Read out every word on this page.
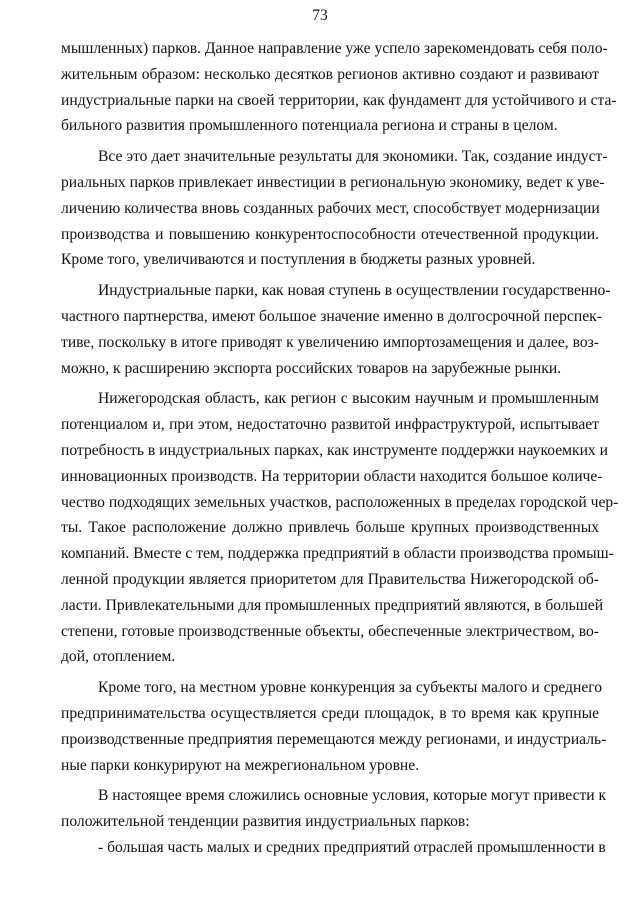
73

мышленных) парков. Данное направление уже успело зарекомендовать себя поло-
жительным образом: несколько десятков регионов активно создают и развивают
индустриальные парки на своей территории, как фундамент для устойчивого и ста-
бильного развития промышленного потенциала региона и страны в целом.

Все это дает значительные результаты для экономики. Так, создание индуст-
риальных парков привлекает инвестиции в региональную экономику, ведет к уве-
личению количества вновь созданных рабочих мест, способствует модернизации
производства и повышению конкурентоспособности отечественной продукции.
Кроме того, увеличиваются и поступления в бюджеты разных уровней.

Индустриальные парки, как новая ступень в осуществлении государственно-
частного партнерства, имеют большое значение именно в долгосрочной перспек-
тиве, поскольку в итоге приводят к увеличению импортозамещения и далее, воз-
можно, к расширению экспорта российских товаров на зарубежные рынки.

Нижегородская область, как регион с высоким научным и промышленным
потенциалом и, при этом, недостаточно развитой инфраструктурой, испытывает
потребность в индустриальных парках, как инструменте поддержки наукоемких и
инновационных производств. На территории области находится большое количе-
чество подходящих земельных участков, расположенных в пределах городской чер-
ты. Такое расположение должно привлечь больше крупных производственных
компаний. Вместе с тем, поддержка предприятий в области производства промыш-
ленной продукции является приоритетом для Правительства Нижегородской об-
ласти. Привлекательными для промышленных предприятий являются, в большей
степени, готовые производственные объекты, обеспеченные электричеством, во-
дой, отоплением.

Кроме того, на местном уровне конкуренция за субъекты малого и среднего
предпринимательства осуществляется среди площадок, в то время как крупные
производственные предприятия перемещаются между регионами, и индустриаль-
ные парки конкурируют на межрегиональном уровне.

В настоящее время сложились основные условия, которые могут привести к
положительной тенденции развития индустриальных парков:

- большая часть малых и средних предприятий отраслей промышленности в
